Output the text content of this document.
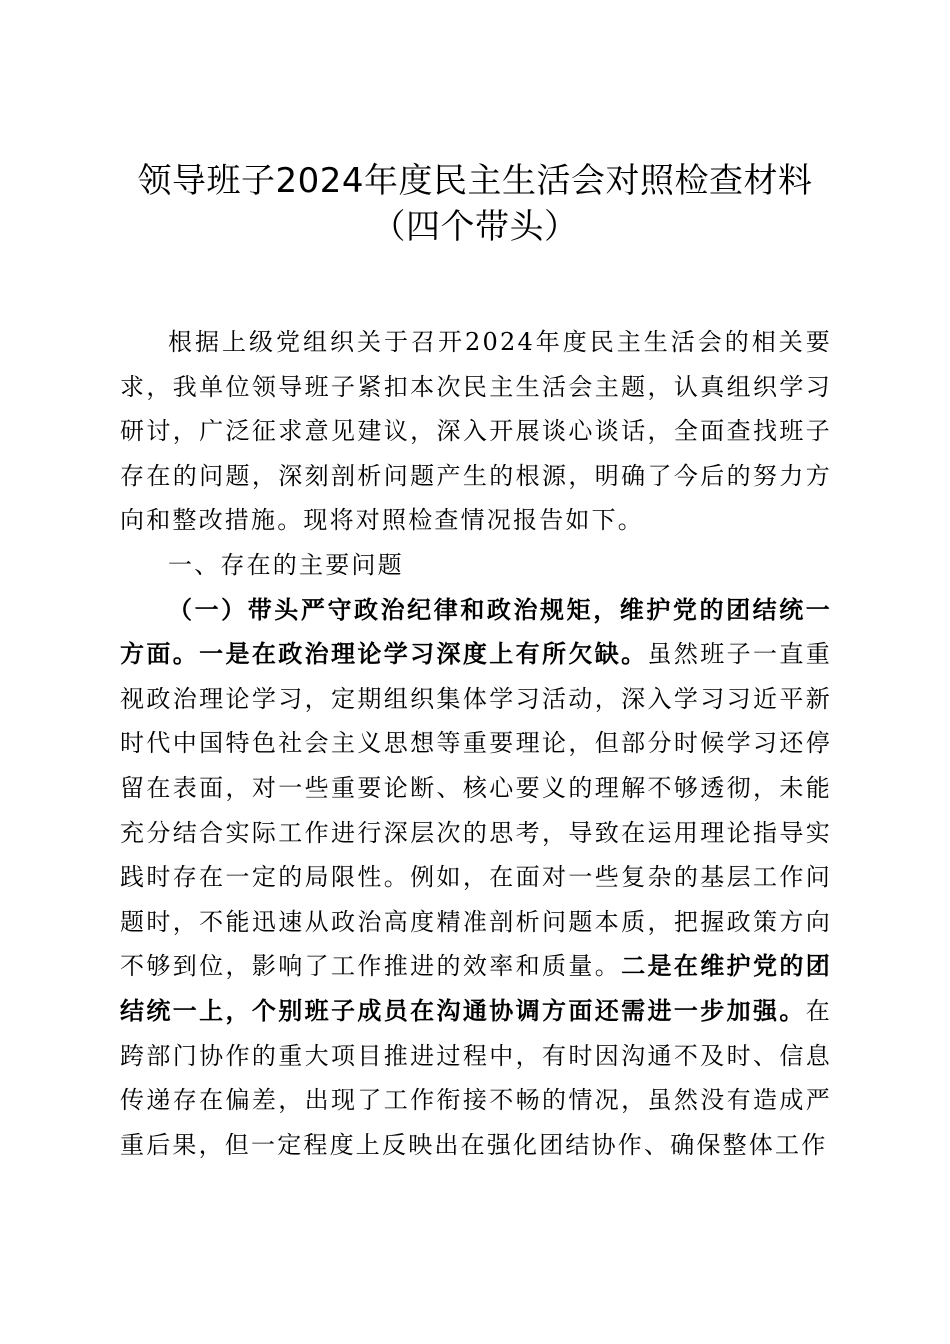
领导班子2024年度民主生活会对照检查材料
（四个带头）

根据上级党组织关于召开2024年度民主生活会的相关要求，我单位领导班子紧扣本次民主生活会主题，认真组织学习研讨，广泛征求意见建议，深入开展谈心谈话，全面查找班子存在的问题，深刻剖析问题产生的根源，明确了今后的努力方向和整改措施。现将对照检查情况报告如下。

一、存在的主要问题

（一）带头严守政治纪律和政治规矩，维护党的团结统一方面。一是在政治理论学习深度上有所欠缺。虽然班子一直重视政治理论学习，定期组织集体学习活动，深入学习习近平新时代中国特色社会主义思想等重要理论，但部分时候学习还停留在表面，对一些重要论断、核心要义的理解不够透彻，未能充分结合实际工作进行深层次的思考，导致在运用理论指导实践时存在一定的局限性。例如，在面对一些复杂的基层工作问题时，不能迅速从政治高度精准剖析问题本质，把握政策方向不够到位，影响了工作推进的效率和质量。二是在维护党的团结统一上，个别班子成员在沟通协调方面还需进一步加强。在跨部门协作的重大项目推进过程中，有时因沟通不及时、信息传递存在偏差，出现了工作衔接不畅的情况，虽然没有造成严重后果，但一定程度上反映出在强化团结协作、确保整体工作
